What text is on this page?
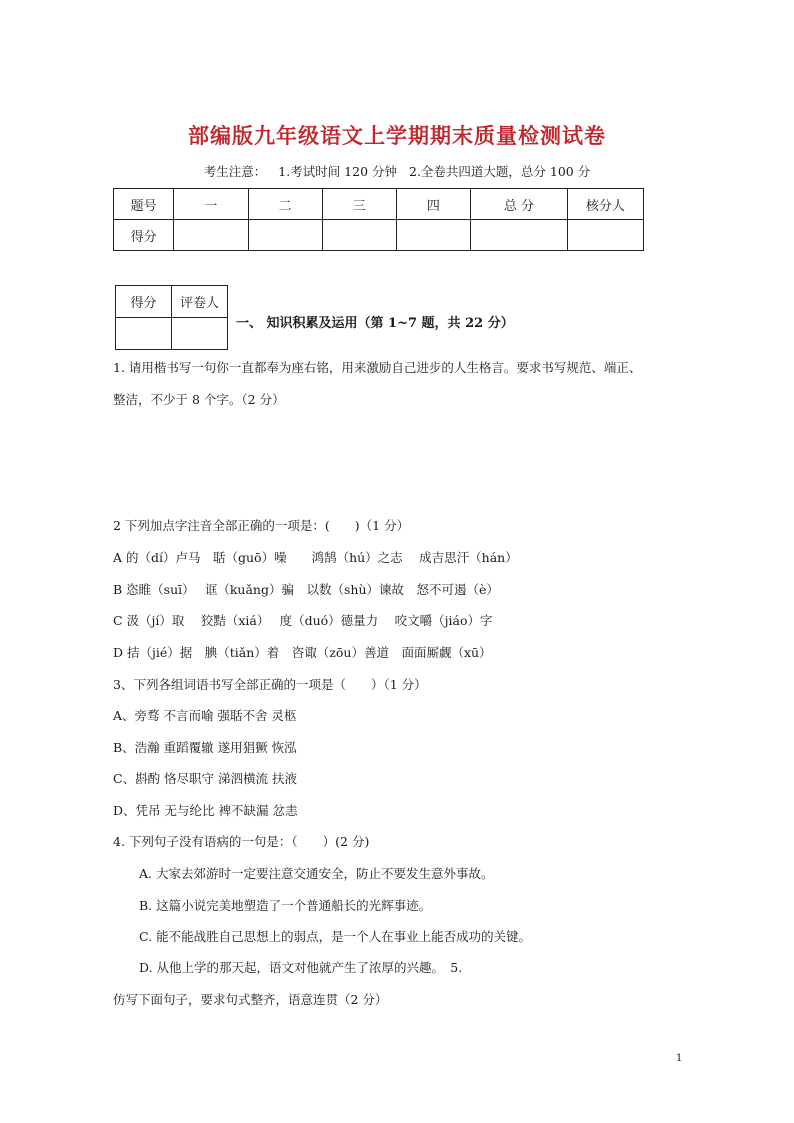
部编版九年级语文上学期期末质量检测试卷
考生注意： 1.考试时间 120 分钟 2.全卷共四道大题，总分 100 分
题号	一	二	三	四	总 分	核分人
得分						
得分	评卷人

一、 知识积累及运用（第 1~7 题，共 22 分）
1. 请用楷书写一句你一直都奉为座右铭，用来激励自己进步的人生格言。要求书写规范、端正、
整洁，不少于 8 个字。（2 分）
2 下列加点字注音全部正确的一项是：(　　)（1 分）
A 的（dí）卢马　聒（guō）噪　　鸿鹄（hú）之志　 成吉思汗（hán）
B 恣睢（suī）　 诓（kuǎng）骗　以数（shù）谏故　怒不可遏（è）
C 汲（jí）取　 狡黠（xiá）　 度（duó）德量力　 咬文嚼（jiáo）字
D 拮（jié）据　腆（tiǎn）着　咨诹（zōu）善道　面面厮觑（xū）
3、下列各组词语书写全部正确的一项是（　　）（1 分）
A、旁骛 不言而喻 强聒不舍 灵柩
B、浩瀚 重蹈覆辙 遂用猖獗 恢泓
C、斟酌 恪尽职守 涕泗横流 扶液
D、凭吊 无与纶比 裨不缺漏 忿恚
4. 下列句子没有语病的一句是：（　　）(2 分)
A. 大家去郊游时一定要注意交通安全，防止不要发生意外事故。
B. 这篇小说完美地塑造了一个普通船长的光辉事迹。
C. 能不能战胜自己思想上的弱点，是一个人在事业上能否成功的关键。
D. 从他上学的那天起，语文对他就产生了浓厚的兴趣。　5.
仿写下面句子，要求句式整齐，语意连贯（2 分）
1
